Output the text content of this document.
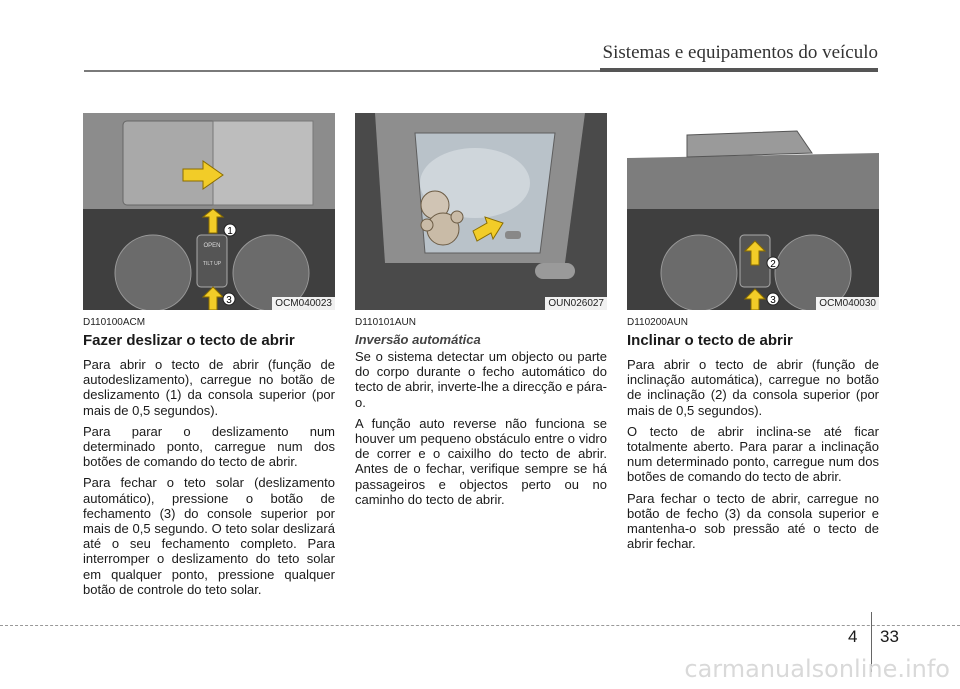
Sistemas e equipamentos do veículo
OPEN
TILT UP
1
3	OCM040023
D110100ACM
Fazer deslizar o tecto de abrir

Para abrir o tecto de abrir (função de autodeslizamento), carregue no botão de deslizamento (1) da consola superior (por mais de 0,5 segundos).

Para parar o deslizamento num determinado ponto, carregue num dos botões de comando do tecto de abrir.

Para fechar o teto solar (deslizamento automático), pressione o botão de fechamento (3) do console superior por mais de 0,5 segundo. O teto solar deslizará até o seu fechamento completo. Para interromper o deslizamento do teto solar em qualquer ponto, pressione qualquer botão de controle do teto solar.

OUN026027
D110101AUN
Inversão automática

Se o sistema detectar um objecto ou parte do corpo durante o fecho automático do tecto de abrir, inverte-lhe a direcção e pára-o.

A função auto reverse não funciona se houver um pequeno obstáculo entre o vidro de correr e o caixilho do tecto de abrir. Antes de o fechar, verifique sempre se há passageiros e objectos perto ou no caminho do tecto de abrir.

2
3	OCM040030
D110200AUN
Inclinar o tecto de abrir

Para abrir o tecto de abrir (função de inclinação automática), carregue no botão de inclinação (2) da consola superior (por mais de 0,5 segundos).

O tecto de abrir inclina-se até ficar totalmente aberto. Para parar a inclinação num determinado ponto, carregue num dos botões de comando do tecto de abrir.

Para fechar o tecto de abrir, carregue no botão de fecho (3) da consola superior e mantenha-o sob pressão até o tecto de abrir fechar.

4 33
carmanualsonline.info
